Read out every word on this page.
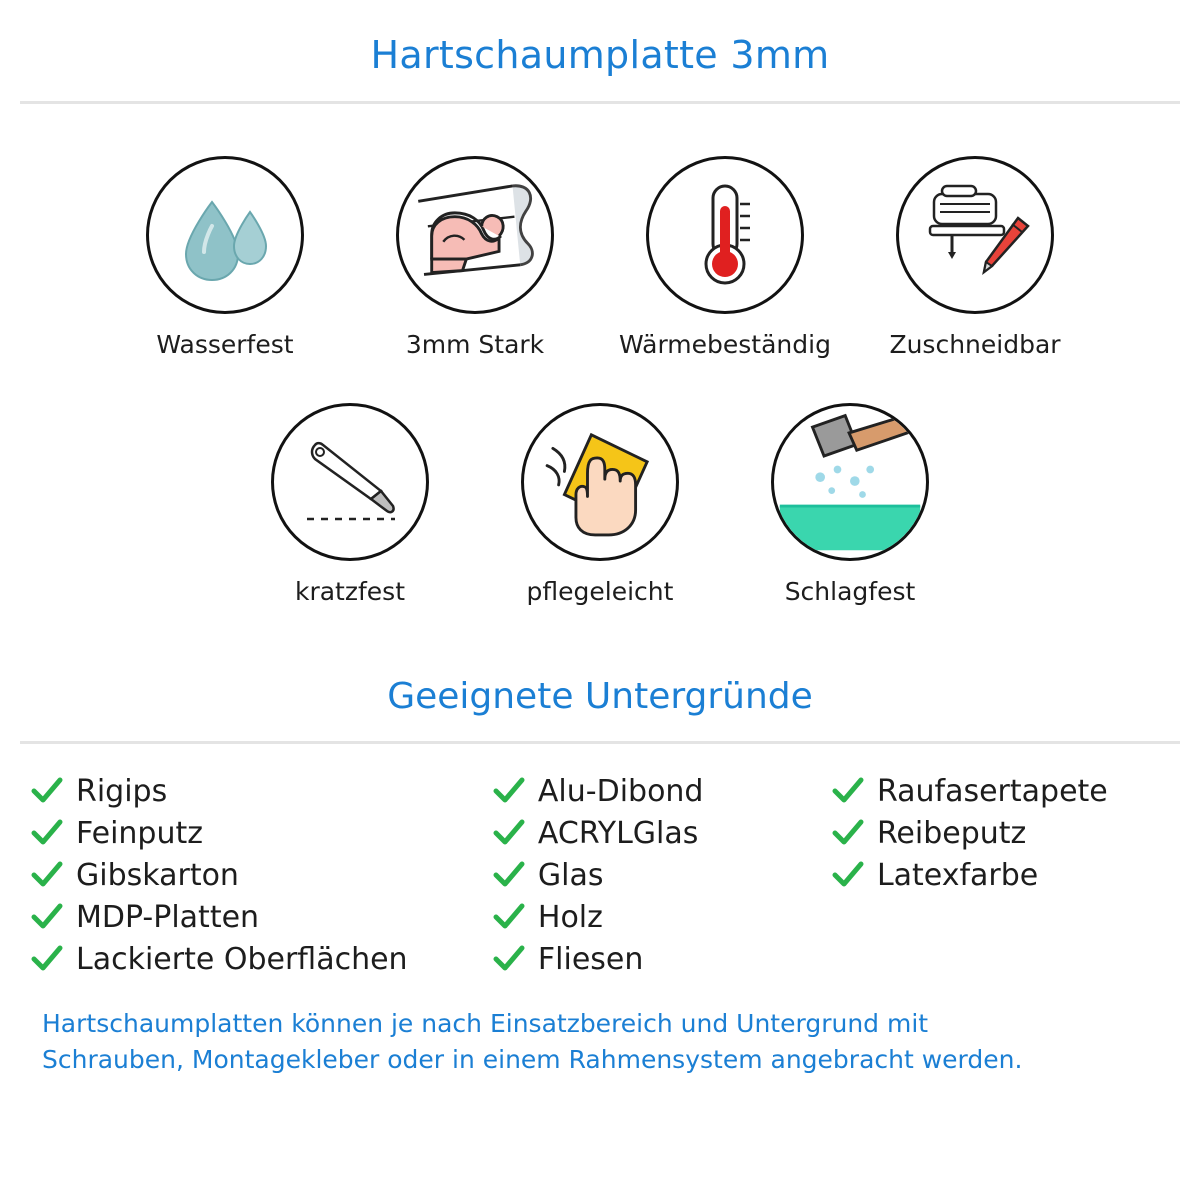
Hartschaumplatte 3mm
Wasserfest	3mm Stark	Wärmebeständig Zuschneidbar
kratzfest	pflegeleicht	Schlagfest
Geeignete Untergründe
Rigips
Feinputz
Gibskarton
MDP-Platten
Lackierte Oberflächen
Alu-Dibond
ACRYLGlas
Glas
Holz
Fliesen
Raufasertapete
Reibeputz
Latexfarbe
Hartschaumplatten können je nach Einsatzbereich und Untergrund mit
Schrauben, Montagekleber oder in einem Rahmensystem angebracht werden.
